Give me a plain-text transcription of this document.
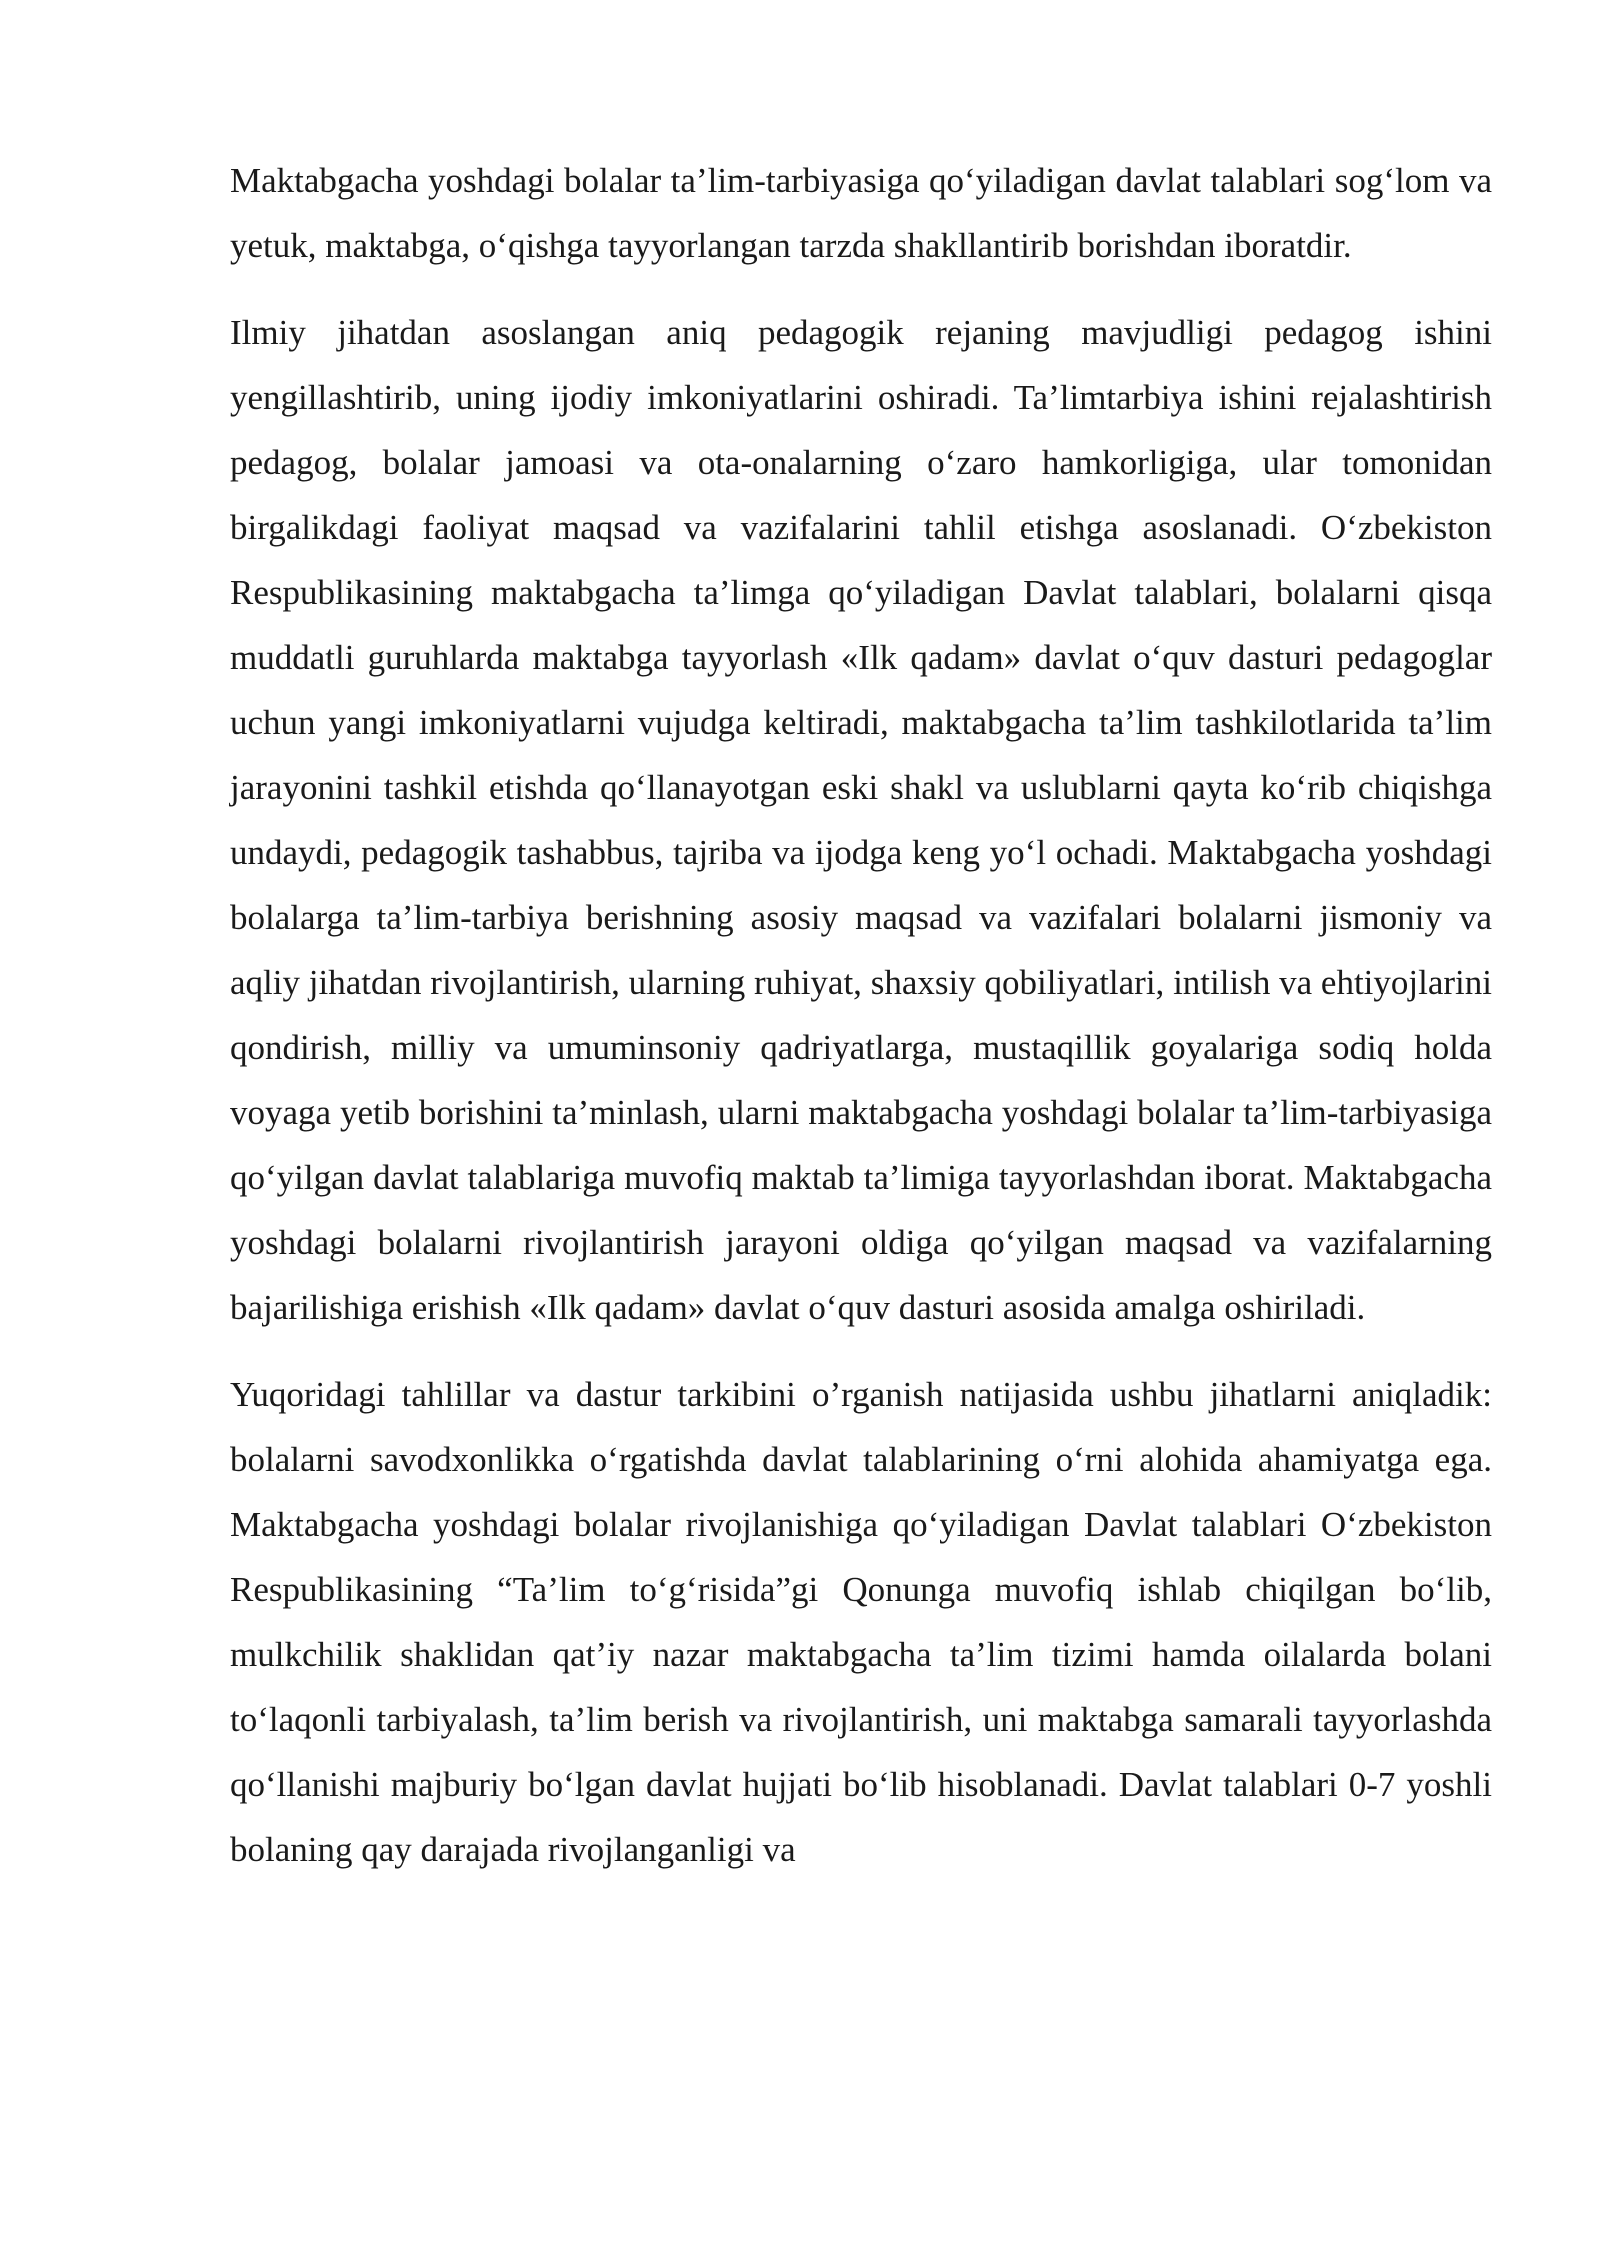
Maktabgacha yoshdagi bolalar ta’lim-tarbiyasiga qo‘yiladigan davlat talablari sog‘lom va yetuk, maktabga, o‘qishga tayyorlangan tarzda shakllantirib borishdan iboratdir.

Ilmiy jihatdan asoslangan aniq pedagogik rejaning mavjudligi pedagog ishini yengillashtirib, uning ijodiy imkoniyatlarini oshiradi. Ta’limtarbiya ishini rejalashtirish pedagog, bolalar jamoasi va ota-onalarning o‘zaro hamkorligiga, ular tomonidan birgalikdagi faoliyat maqsad va vazifalarini tahlil etishga asoslanadi. O‘zbekiston Respublikasining maktabgacha ta’limga qo‘yiladigan Davlat talablari, bolalarni qisqa muddatli guruhlarda maktabga tayyorlash «Ilk qadam» davlat o‘quv dasturi pedagoglar uchun yangi imkoniyatlarni vujudga keltiradi, maktabgacha ta’lim tashkilotlarida ta’lim jarayonini tashkil etishda qo‘llanayotgan eski shakl va uslublarni qayta ko‘rib chiqishga undaydi, pedagogik tashabbus, tajriba va ijodga keng yo‘l ochadi. Maktabgacha yoshdagi bolalarga ta’lim-tarbiya berishning asosiy maqsad va vazifalari bolalarni jismoniy va aqliy jihatdan rivojlantirish, ularning ruhiyat, shaxsiy qobiliyatlari, intilish va ehtiyojlarini qondirish, milliy va umuminsoniy qadriyatlarga, mustaqillik goyalariga sodiq holda voyaga yetib borishini ta’minlash, ularni maktabgacha yoshdagi bolalar ta’lim-tarbiyasiga qo‘yilgan davlat talablariga muvofiq maktab ta’limiga tayyorlashdan iborat. Maktabgacha yoshdagi bolalarni rivojlantirish jarayoni oldiga qo‘yilgan maqsad va vazifalarning bajarilishiga erishish «Ilk qadam» davlat o‘quv dasturi asosida amalga oshiriladi.

Yuqoridagi tahlillar va dastur tarkibini o’rganish natijasida ushbu jihatlarni aniqladik: bolalarni savodxonlikka o‘rgatishda davlat talablarining o‘rni alohida ahamiyatga ega. Maktabgacha yoshdagi bolalar rivojlanishiga qo‘yiladigan Davlat talablari O‘zbekiston Respublikasining “Ta’lim to‘g‘risida”gi Qonunga muvofiq ishlab chiqilgan bo‘lib, mulkchilik shaklidan qat’iy nazar maktabgacha ta’lim tizimi hamda oilalarda bolani to‘laqonli tarbiyalash, ta’lim berish va rivojlantirish, uni maktabga samarali tayyorlashda qo‘llanishi majburiy bo‘lgan davlat hujjati bo‘lib hisoblanadi. Davlat talablari 0-7 yoshli bolaning qay darajada rivojlanganligi va
